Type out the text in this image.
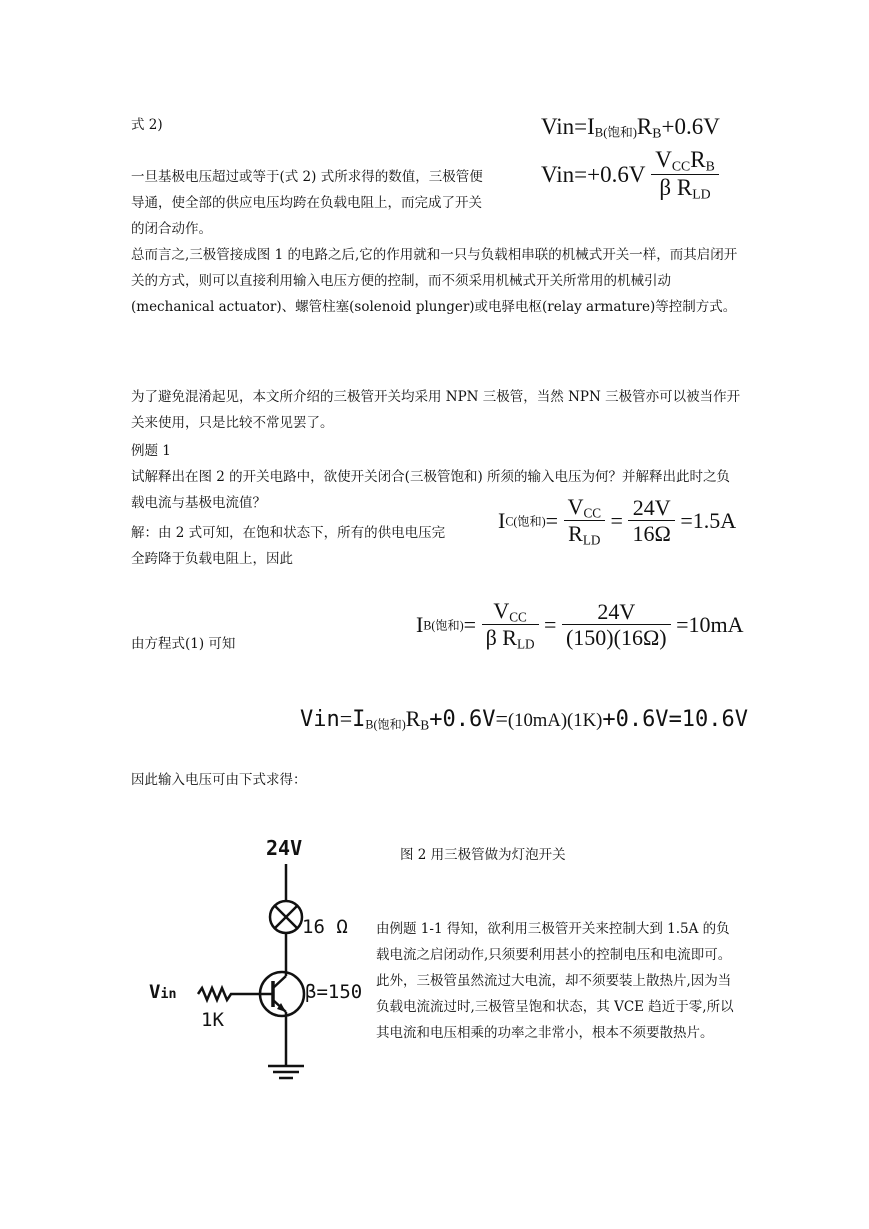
式 2)	Vin=IB(饱和)$R_B+0.6V$
$Vin=+0.6V \frac{V_{CC}R_B}{\beta R_{LD}}$
一旦基极电压超过或等于(式 2) 式所求得的数值，三极管便
导通，使全部的供应电压均跨在负载电阻上，而完成了开关
的闭合动作。
总而言之,三极管接成图 1 的电路之后,它的作用就和一只与负载相串联的机械式开关一样，而其启闭开关的方式，则可以直接利用输入电压方便的控制，而不须采用机械式开关所常用的机械引动(mechanical actuator)、螺管柱塞(solenoid plunger)或电驿电枢(relay armature)等控制方式。
为了避免混淆起见，本文所介绍的三极管开关均采用 NPN 三极管，当然 NPN 三极管亦可以被当作开关来使用，只是比较不常见罢了。
例题 1
试解释出在图 2 的开关电路中，欲使开关闭合(三极管饱和) 所须的输入电压为何？并解释出此时之负载电流与基极电流值？
解：由 2 式可知，在饱和状态下，所有的供电电压完
全跨降于负载电阻上，因此
IC(饱和)= $\frac{V_{CC}}{R_{LD}} = \frac{24V}{16\Omega} =1.5A$
由方程式(1) 可知
IB(饱和)= $\frac{V_{CC}}{\beta R_{LD}} = \frac{24V}{(150)(16\Omega)} =10mA$
Vin=IB(饱和)$R_B+0.6V=(10mA)(1K)+0.6V=10.6V$
因此输入电压可由下式求得：
24V
16 Ω
Vin
1K
β=150
图 2 用三极管做为灯泡开关
由例题 1-1 得知，欲利用三极管开关来控制大到 1.5A 的负载电流之启闭动作,只须要利用甚小的控制电压和电流即可。此外，三极管虽然流过大电流，却不须要装上散热片,因为当负载电流流过时,三极管呈饱和状态，其 VCE 趋近于零,所以其电流和电压相乘的功率之非常小，根本不须要散热片。
